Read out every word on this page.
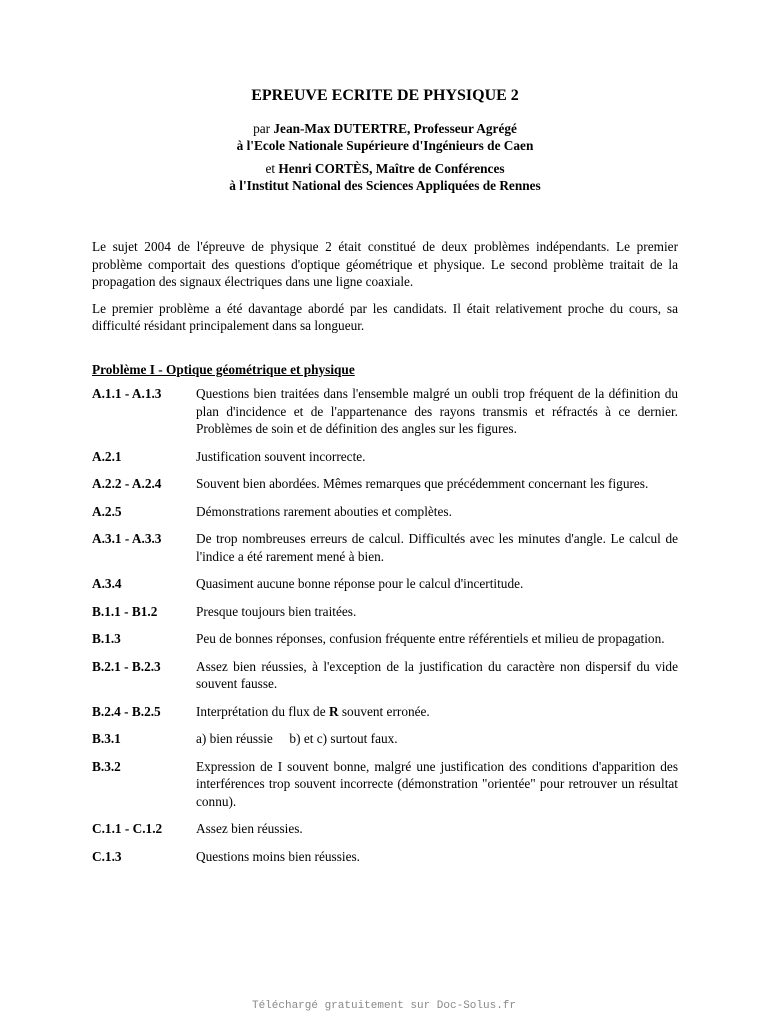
EPREUVE ECRITE DE PHYSIQUE 2

par Jean-Max DUTERTRE, Professeur Agrégé

à l'Ecole Nationale Supérieure d'Ingénieurs de Caen

et Henri CORTÈS, Maître de Conférences

à l'Institut National des Sciences Appliquées de Rennes

Le sujet 2004 de l'épreuve de physique 2 était constitué de deux problèmes indépendants. Le premier problème comportait des questions d'optique géométrique et physique. Le second problème traitait de la propagation des signaux électriques dans une ligne coaxiale.

Le premier problème a été davantage abordé par les candidats. Il était relativement proche du cours, sa difficulté résidant principalement dans sa longueur.

Problème I - Optique géométrique et physique
A.1.1 - A.1.3	Questions bien traitées dans l'ensemble malgré un oubli trop fréquent de la définition du plan d'incidence et de l'appartenance des rayons transmis et réfractés à ce dernier. Problèmes de soin et de définition des angles sur les figures.
A.2.1	Justification souvent incorrecte.
A.2.2 - A.2.4	Souvent bien abordées. Mêmes remarques que précédemment concernant les figures.
A.2.5	Démonstrations rarement abouties et complètes.
A.3.1 - A.3.3	De trop nombreuses erreurs de calcul. Difficultés avec les minutes d'angle. Le calcul de l'indice a été rarement mené à bien.
A.3.4	Quasiment aucune bonne réponse pour le calcul d'incertitude.
B.1.1 - B1.2	Presque toujours bien traitées.
B.1.3	Peu de bonnes réponses, confusion fréquente entre référentiels et milieu de propagation.
B.2.1 - B.2.3	Assez bien réussies, à l'exception de la justification du caractère non dispersif du vide souvent fausse.
B.2.4 - B.2.5	Interprétation du flux de R souvent erronée.
B.3.1	a) bien réussie     b) et c) surtout faux.
B.3.2	Expression de I souvent bonne, malgré une justification des conditions d'apparition des interférences trop souvent incorrecte (démonstration "orientée" pour retrouver un résultat connu).
C.1.1 - C.1.2	Assez bien réussies.
C.1.3	Questions moins bien réussies.
Téléchargé gratuitement sur Doc-Solus.fr
